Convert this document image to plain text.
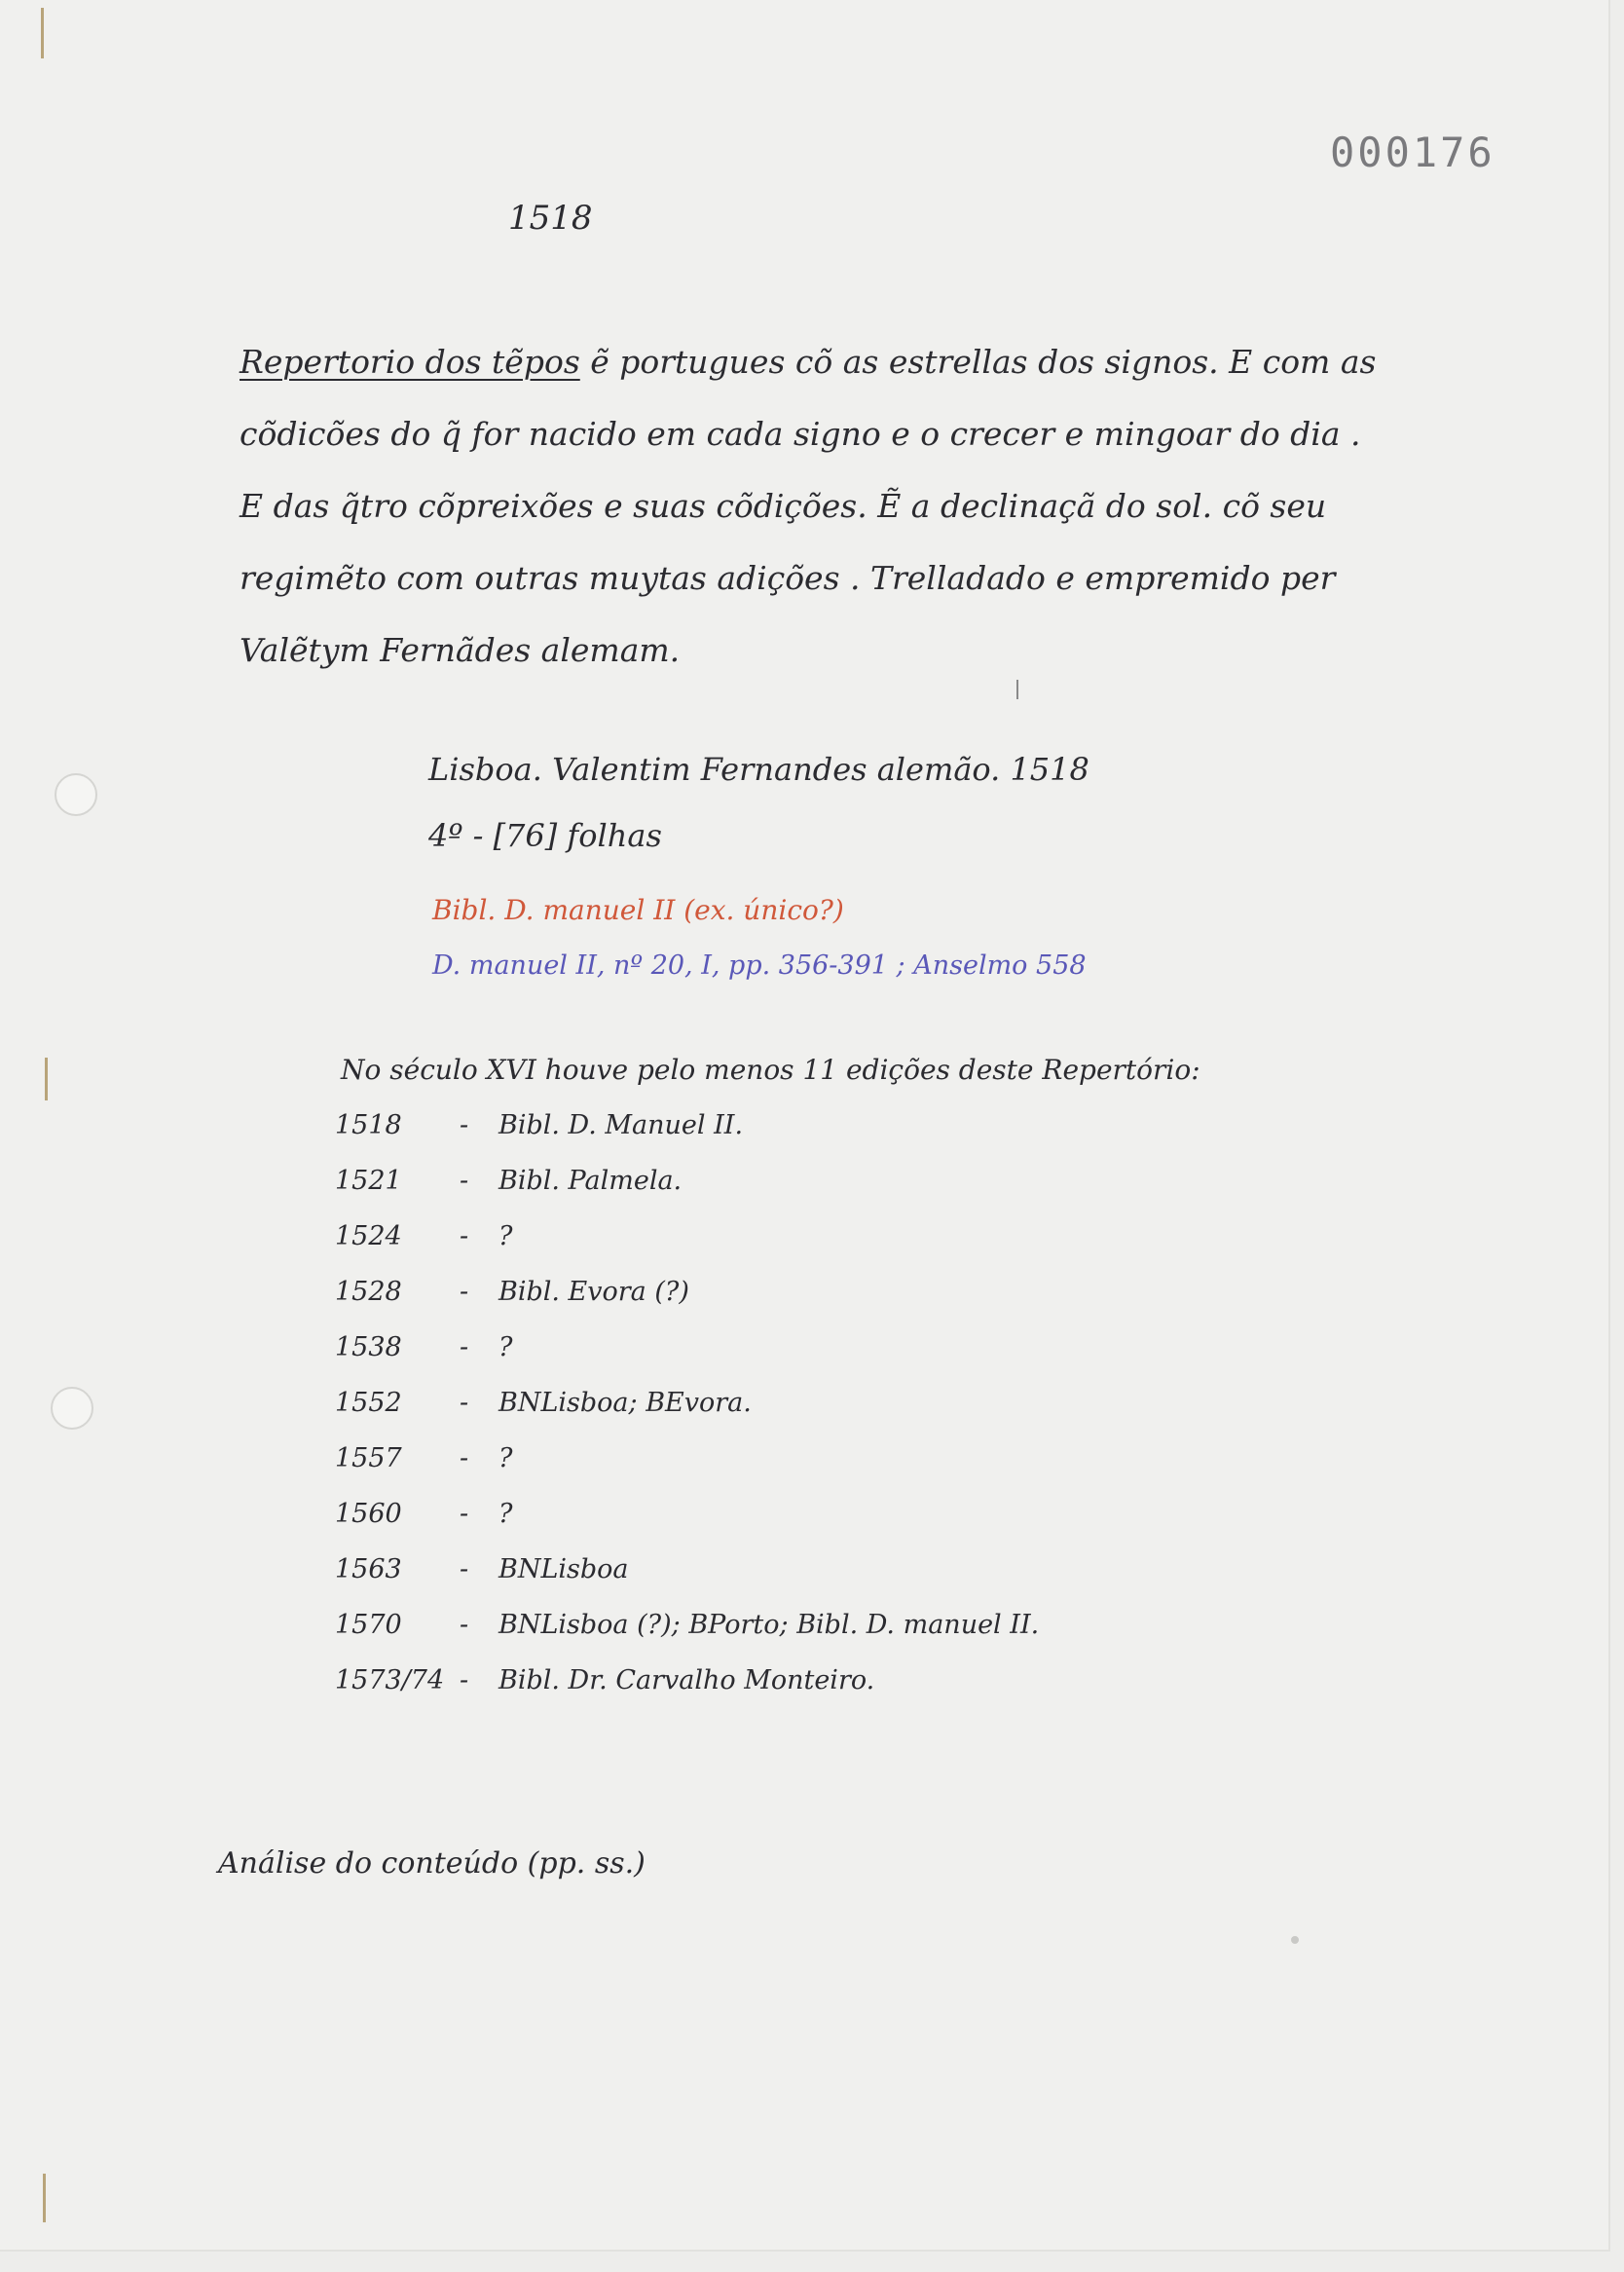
000176
1518
Repertorio dos tẽpos ẽ portugues cõ as estrellas dos signos. E com as
cõdicões do q̃ for nacido em cada signo e o crecer e mingoar do dia .
E das q̃tro cõpreixões e suas cõdições. Ẽ a declinaçã do sol. cõ seu
regimẽto com outras muytas adições . Trelladado e empremido per
Valẽtym Fernãdes alemam.
Lisboa. Valentim Fernandes alemão. 1518
4º - [76] folhas
Bibl. D. manuel II (ex. único?)
D. manuel II, nº 20, I, pp. 356-391 ; Anselmo 558
No século XVI houve pelo menos 11 edições deste Repertório:
1518	- Bibl. D. Manuel II.
1521	- Bibl. Palmela.
1524	- ?
1528	- Bibl. Evora (?)
1538	- ?
1552	- BNLisboa; BEvora.
1557	- ?
1560	- ?
1563	- BNLisboa
1570	- BNLisboa (?); BPorto; Bibl. D. manuel II.
1573/74 - Bibl. Dr. Carvalho Monteiro.
Análise do conteúdo (pp. ss.)
